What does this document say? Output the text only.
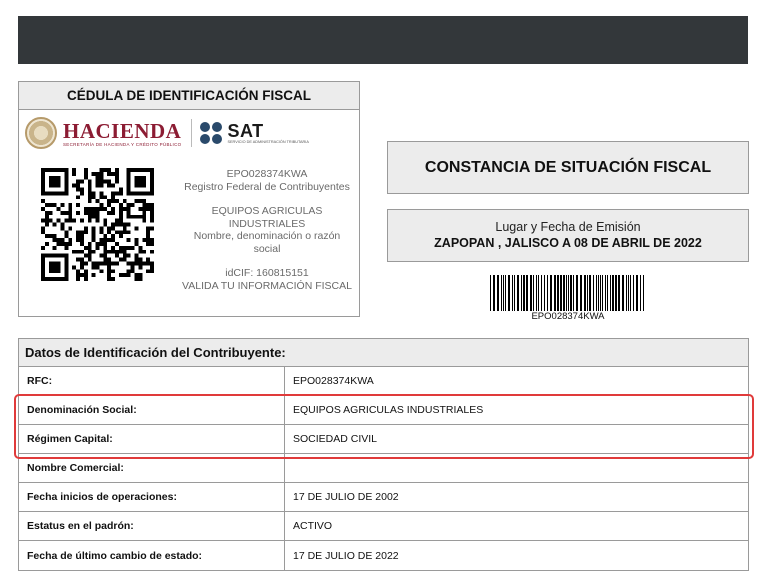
CÉDULA DE IDENTIFICACIÓN FISCAL
HACIENDA
SECRETARÍA DE HACIENDA Y CRÉDITO PÚBLICO
SAT
SERVICIO DE ADMINISTRACIÓN TRIBUTARIA
EPO028374KWA
Registro Federal de Contribuyentes
EQUIPOS AGRICULAS INDUSTRIALES
Nombre, denominación o razón social
idCIF: 160815151
VALIDA TU INFORMACIÓN FISCAL
CONSTANCIA DE SITUACIÓN FISCAL
Lugar y Fecha de Emisión
ZAPOPAN , JALISCO A 08 DE ABRIL DE 2022
EPO028374KWA
Datos de Identificación del Contribuyente:
RFC:	EPO028374KWA
Denominación Social:	EQUIPOS AGRICULAS INDUSTRIALES
Régimen Capital:	SOCIEDAD CIVIL
Nombre Comercial:
Fecha inicios de operaciones:	17 DE JULIO DE 2002
Estatus en el padrón:	ACTIVO
Fecha de último cambio de estado:	17 DE JULIO DE 2022
